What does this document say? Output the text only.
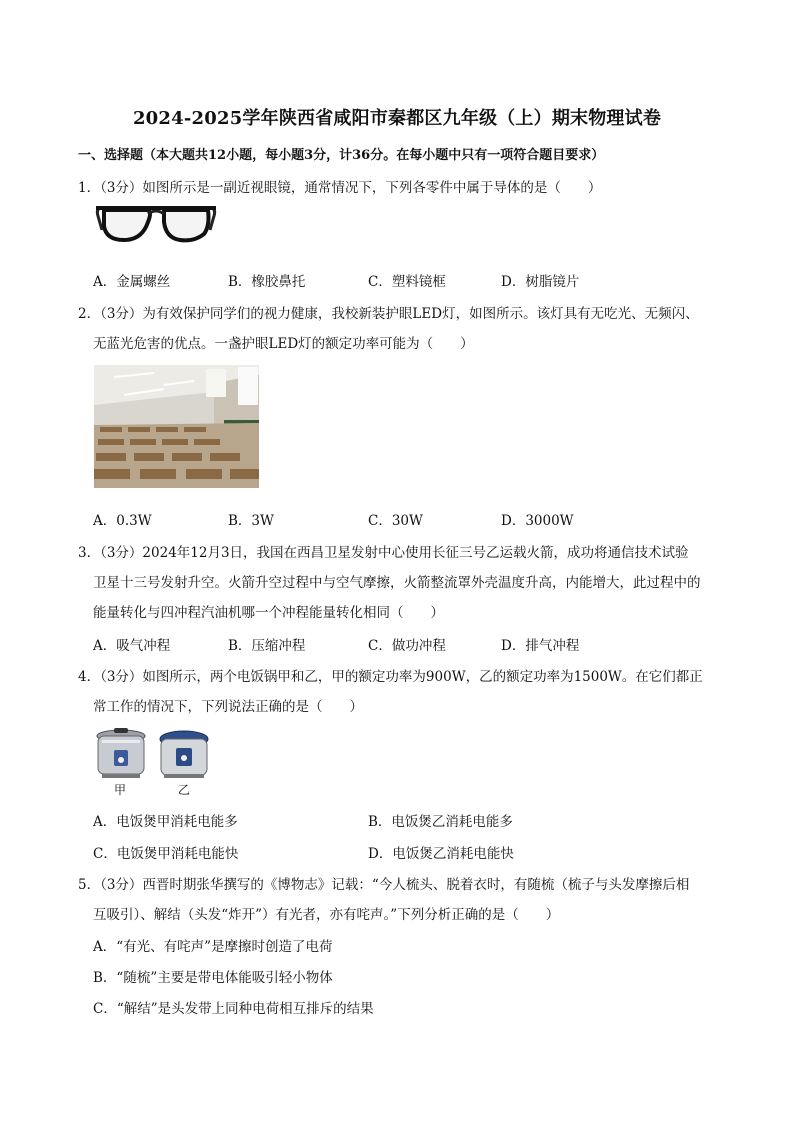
2024-2025学年陕西省咸阳市秦都区九年级（上）期末物理试卷
一、选择题（本大题共12小题，每小题3分，计36分。在每小题中只有一项符合题目要求）
1．（3分）如图所示是一副近视眼镜，通常情况下，下列各零件中属于导体的是（　　）
A．金属螺丝	B．橡胶鼻托	C．塑料镜框	D．树脂镜片
2．（3分）为有效保护同学们的视力健康，我校新装护眼LED灯，如图所示。该灯具有无吃光、无频闪、
无蓝光危害的优点。一盏护眼LED灯的额定功率可能为（　　）
A．0.3W	B．3W	C．30W	D．3000W
3．（3分）2024年12月3日，我国在西昌卫星发射中心使用长征三号乙运载火箭，成功将通信技术试验
卫星十三号发射升空。火箭升空过程中与空气摩擦，火箭整流罩外壳温度升高，内能增大，此过程中的
能量转化与四冲程汽油机哪一个冲程能量转化相同（　　）
A．吸气冲程	B．压缩冲程	C．做功冲程	D．排气冲程
4．（3分）如图所示，两个电饭锅甲和乙，甲的额定功率为900W，乙的额定功率为1500W。在它们都正
常工作的情况下，下列说法正确的是（　　）
甲	乙
A．电饭煲甲消耗电能多	B．电饭煲乙消耗电能多
C．电饭煲甲消耗电能快	D．电饭煲乙消耗电能快
5．（3分）西晋时期张华撰写的《博物志》记载：“今人梳头、脱着衣时，有随梳（梳子与头发摩擦后相
互吸引）、解结（头发“炸开”）有光者，亦有咤声。”下列分析正确的是（　　）
A．“有光、有咤声”是摩擦时创造了电荷
B．“随梳”主要是带电体能吸引轻小物体
C．“解结”是头发带上同种电荷相互排斥的结果
